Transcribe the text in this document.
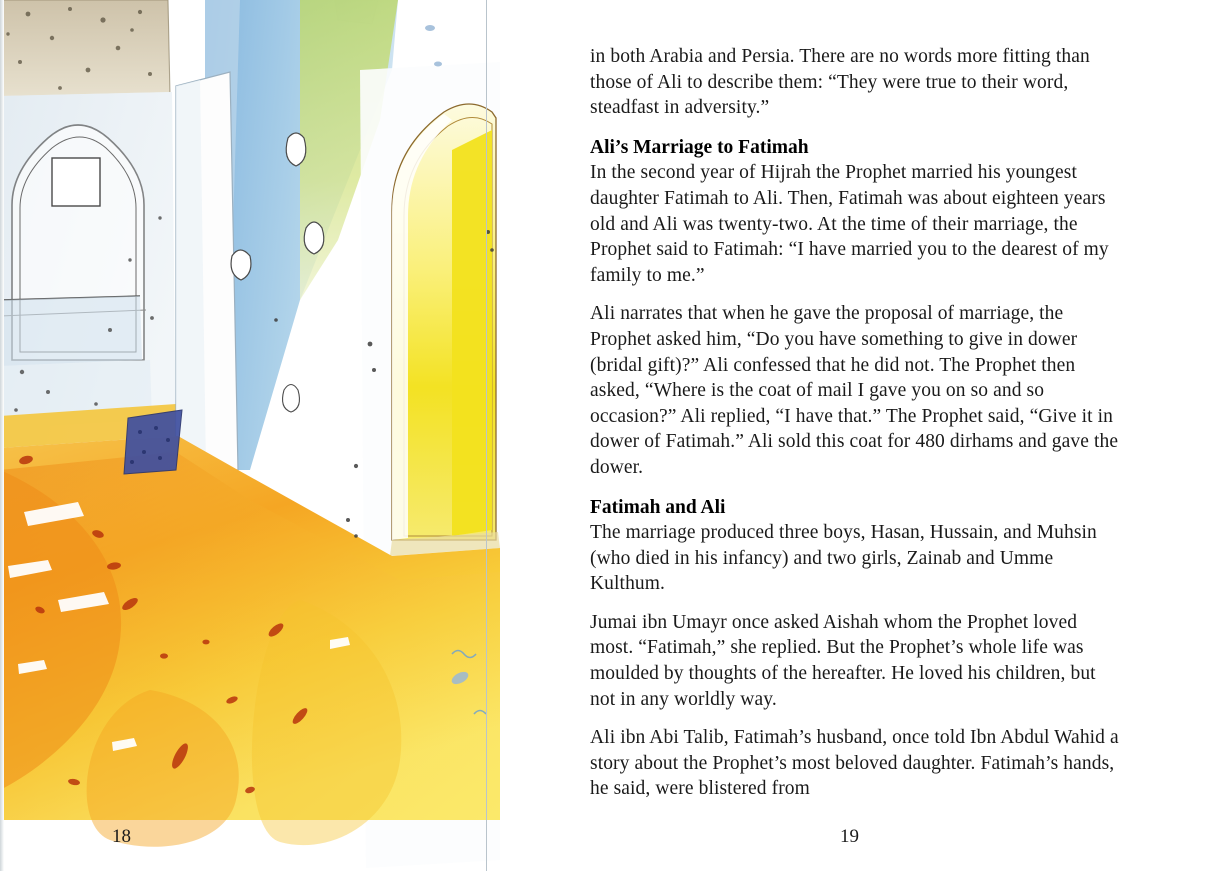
in both Arabia and Persia. There are no words more fitting than those of Ali to describe them: “They were true to their word, steadfast in adversity.”

Ali’s Marriage to Fatimah

In the second year of Hijrah the Prophet married his youngest daughter Fatimah to Ali. Then, Fatimah was about eighteen years old and Ali was twenty-two. At the time of their marriage, the Prophet said to Fatimah: “I have married you to the dearest of my family to me.”

Ali narrates that when he gave the proposal of marriage, the Prophet asked him, “Do you have something to give in dower (bridal gift)?” Ali confessed that he did not. The Prophet then asked, “Where is the coat of mail I gave you on so and so occasion?” Ali replied, “I have that.” The Prophet said, “Give it in dower of Fatimah.” Ali sold this coat for 480 dirhams and gave the dower.

Fatimah and Ali

The marriage produced three boys, Hasan, Hussain, and Muhsin (who died in his infancy) and two girls, Zainab and Umme Kulthum.

Jumai ibn Umayr once asked Aishah whom the Prophet loved most. “Fatimah,” she replied. But the Prophet’s whole life was moulded by thoughts of the hereafter. He loved his children, but not in any worldly way.

Ali ibn Abi Talib, Fatimah’s husband, once told Ibn Abdul Wahid a story about the Prophet’s most beloved daughter. Fatimah’s hands, he said, were blistered from

18	19
